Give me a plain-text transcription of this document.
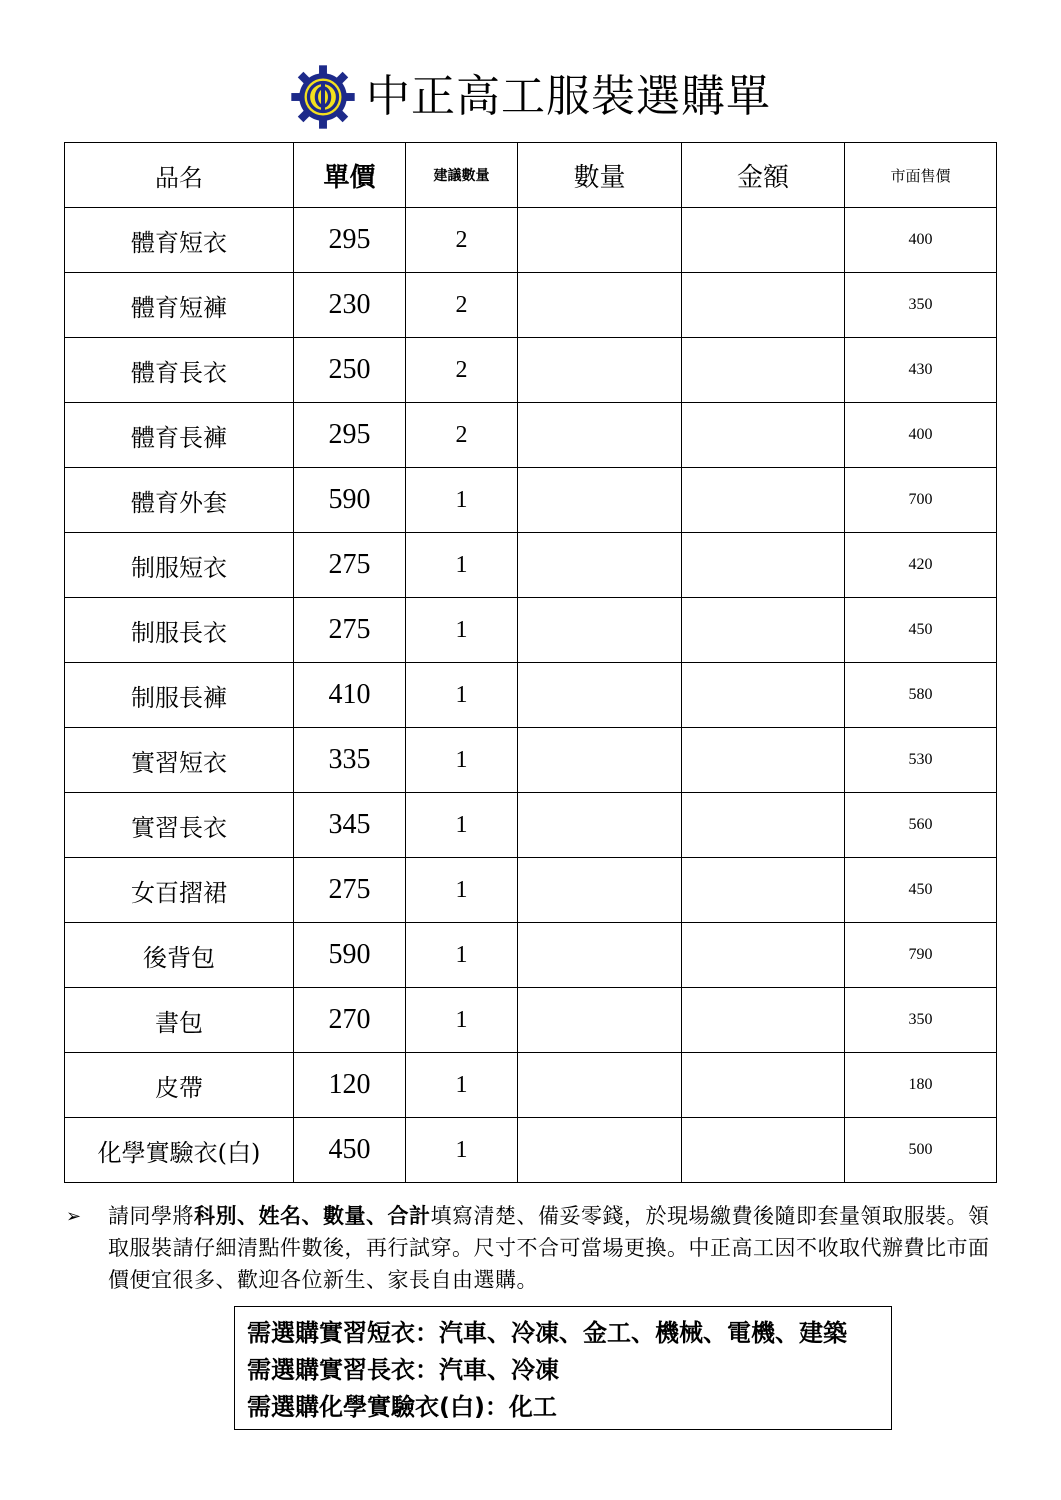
中正高工服裝選購單
品名	單價	建議數量	數量	金額	市面售價
體育短衣	295	2			400
體育短褲	230	2			350
體育長衣	250	2			430
體育長褲	295	2			400
體育外套	590	1			700
制服短衣	275	1			420
制服長衣	275	1			450
制服長褲	410	1			580
實習短衣	335	1			530
實習長衣	345	1			560
女百摺裙	275	1			450
後背包	590	1			790
書包	270	1			350
皮帶	120	1			180
化學實驗衣(白)	450	1			500
➢	請同學將科別、姓名、數量、合計填寫清楚、備妥零錢，於現場繳費後隨即套量領取服裝。領取服裝請仔細清點件數後，再行試穿。尺寸不合可當場更換。中正高工因不收取代辦費比市面價便宜很多、歡迎各位新生、家長自由選購。
需選購實習短衣：汽車、冷凍、金工、機械、電機、建築
需選購實習長衣：汽車、冷凍
需選購化學實驗衣(白)：化工
